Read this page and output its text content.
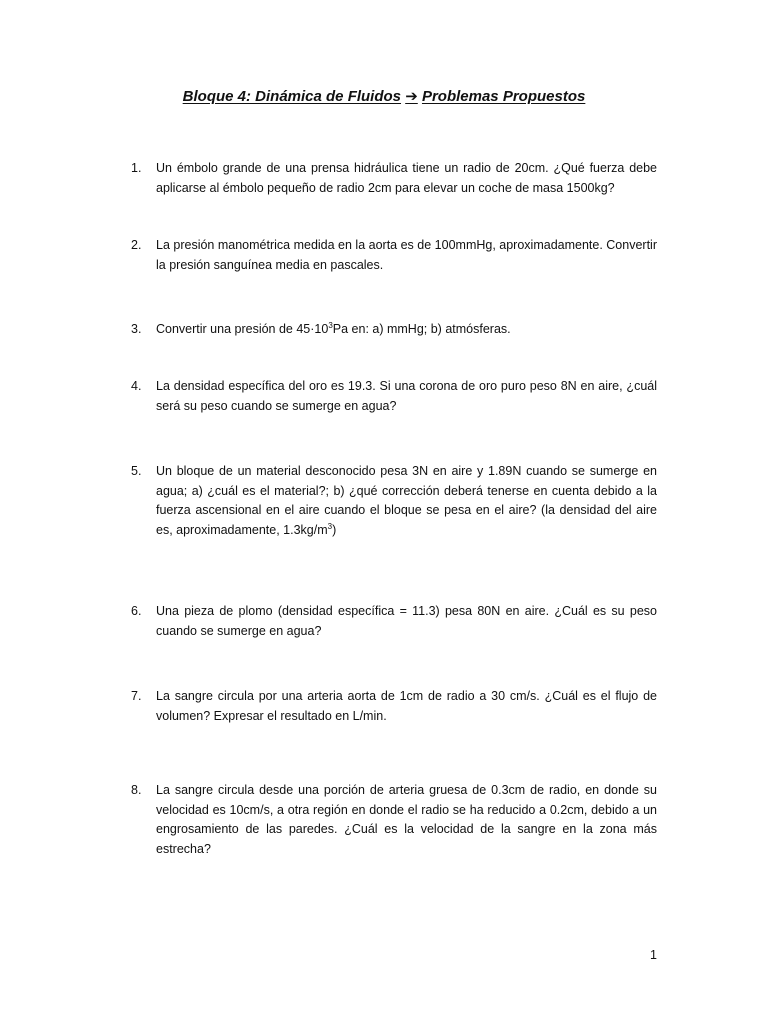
Bloque 4: Dinámica de Fluidos ➔ Problemas Propuestos
1. Un émbolo grande de una prensa hidráulica tiene un radio de 20cm. ¿Qué fuerza debe aplicarse al émbolo pequeño de radio 2cm para elevar un coche de masa 1500kg?
2. La presión manométrica medida en la aorta es de 100mmHg, aproximadamente. Convertir la presión sanguínea media en pascales.
3. Convertir una presión de $45\cdot 10^3Pa$ en: a) mmHg; b) atmósferas.
4. La densidad específica del oro es 19.3. Si una corona de oro puro peso 8N en aire, ¿cuál será su peso cuando se sumerge en agua?
5. Un bloque de un material desconocido pesa 3N en aire y 1.89N cuando se sumerge en agua; a) ¿cuál es el material?; b) ¿qué corrección deberá tenerse en cuenta debido a la fuerza ascensional en el aire cuando el bloque se pesa en el aire? (la densidad del aire es, aproximadamente, $1.3kg/m^3$)
6. Una pieza de plomo (densidad específica = 11.3) pesa 80N en aire. ¿Cuál es su peso cuando se sumerge en agua?
7. La sangre circula por una arteria aorta de 1cm de radio a 30 cm/s. ¿Cuál es el flujo de volumen? Expresar el resultado en L/min.
8. La sangre circula desde una porción de arteria gruesa de 0.3cm de radio, en donde su velocidad es 10cm/s, a otra región en donde el radio se ha reducido a 0.2cm, debido a un engrosamiento de las paredes. ¿Cuál es la velocidad de la sangre en la zona más estrecha?
1
